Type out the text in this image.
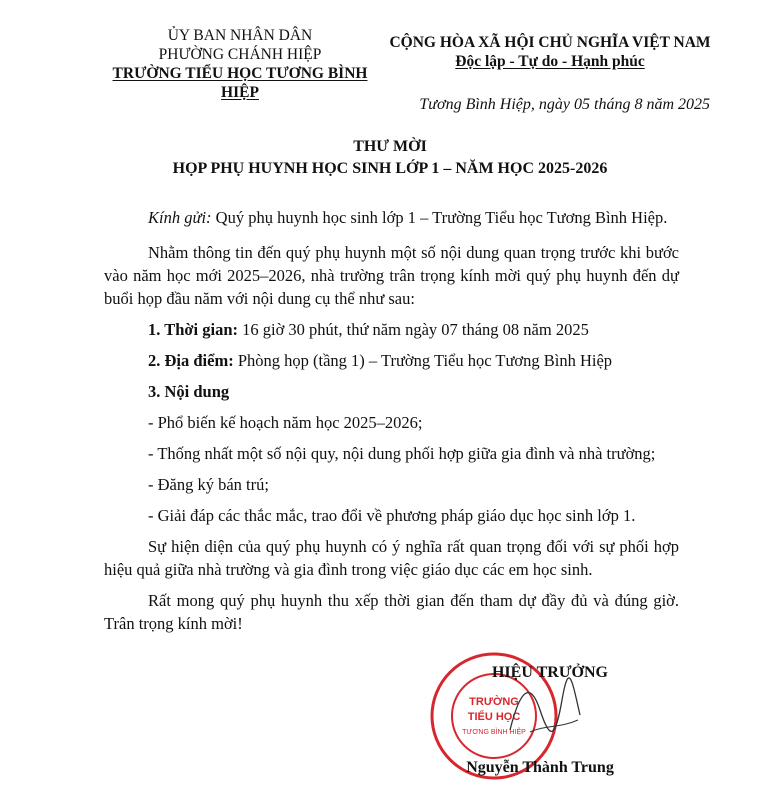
ỦY BAN NHÂN DÂN
PHƯỜNG CHÁNH HIỆP
TRƯỜNG TIỂU HỌC TƯƠNG BÌNH HIỆP
CỘNG HÒA XÃ HỘI CHỦ NGHĨA VIỆT NAM
Độc lập - Tự do - Hạnh phúc
Tương Bình Hiệp, ngày 05 tháng 8 năm 2025
THƯ MỜI
HỌP PHỤ HUYNH HỌC SINH LỚP 1 – NĂM HỌC 2025-2026

Kính gửi: Quý phụ huynh học sinh lớp 1 – Trường Tiểu học Tương Bình Hiệp.

Nhằm thông tin đến quý phụ huynh một số nội dung quan trọng trước khi bước vào năm học mới 2025–2026, nhà trường trân trọng kính mời quý phụ huynh đến dự buổi họp đầu năm với nội dung cụ thể như sau:

1. Thời gian: 16 giờ 30 phút, thứ năm ngày 07 tháng 08 năm 2025

2. Địa điểm: Phòng họp (tầng 1) – Trường Tiểu học Tương Bình Hiệp

3. Nội dung

- Phổ biến kế hoạch năm học 2025–2026;

- Thống nhất một số nội quy, nội dung phối hợp giữa gia đình và nhà trường;

- Đăng ký bán trú;

- Giải đáp các thắc mắc, trao đổi về phương pháp giáo dục học sinh lớp 1.

Sự hiện diện của quý phụ huynh có ý nghĩa rất quan trọng đối với sự phối hợp hiệu quả giữa nhà trường và gia đình trong việc giáo dục các em học sinh.

Rất mong quý phụ huynh thu xếp thời gian đến tham dự đầy đủ và đúng giờ. Trân trọng kính mời!

TRƯỜNG
TIỂU HỌC
TƯƠNG BÌNH HIỆP
HIỆU TRƯỞNG
Nguyễn Thành Trung
